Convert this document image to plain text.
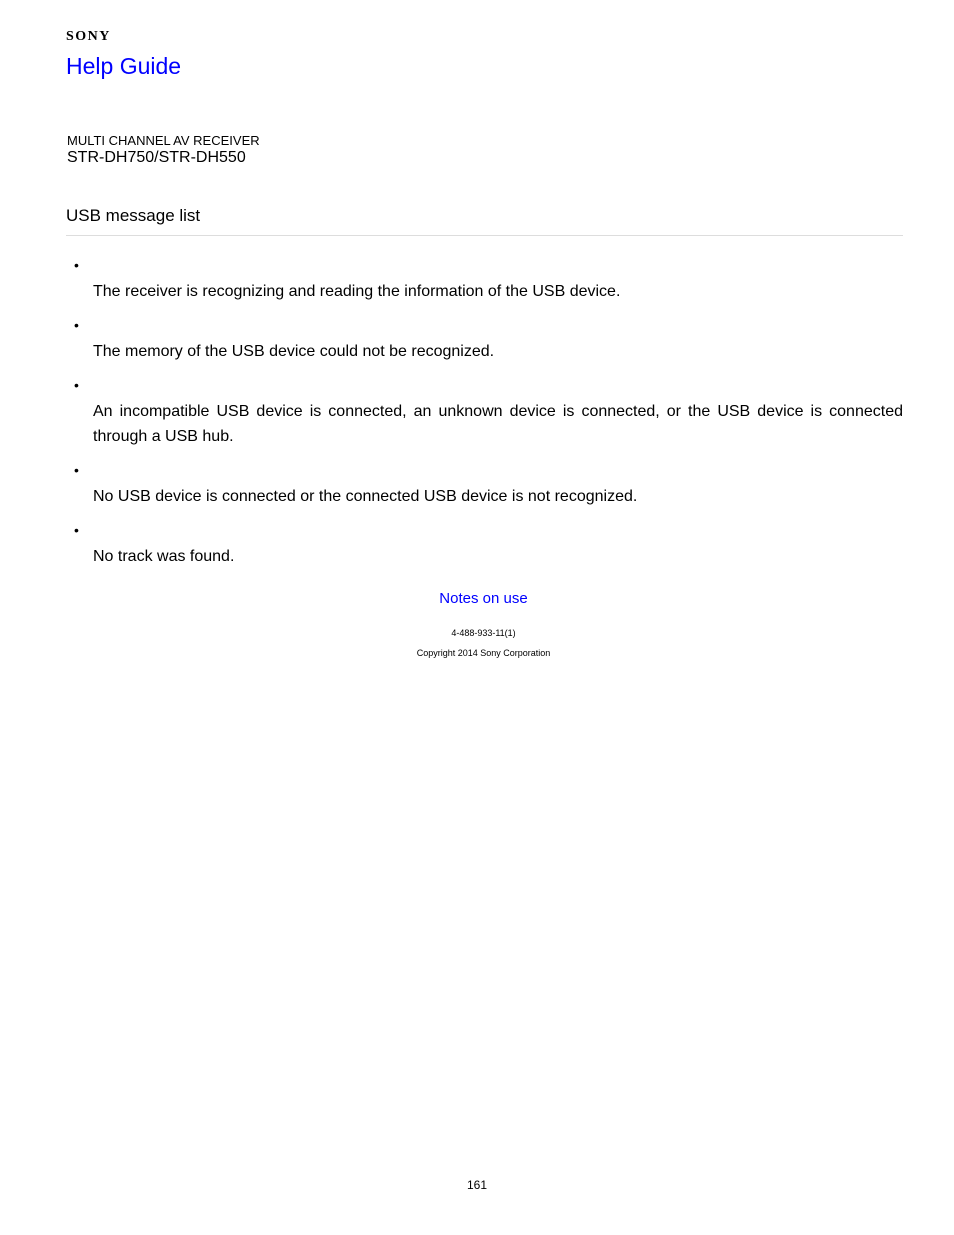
SONY
Help Guide
MULTI CHANNEL AV RECEIVER
STR-DH750/STR-DH550
USB message list
•

The receiver is recognizing and reading the information of the USB device.

•

The memory of the USB device could not be recognized.

•

An incompatible USB device is connected, an unknown device is connected, or the USB device is connected through a USB hub.

•

No USB device is connected or the connected USB device is not recognized.

•

No track was found.

Notes on use
4-488-933-11(1)
Copyright 2014 Sony Corporation
161
